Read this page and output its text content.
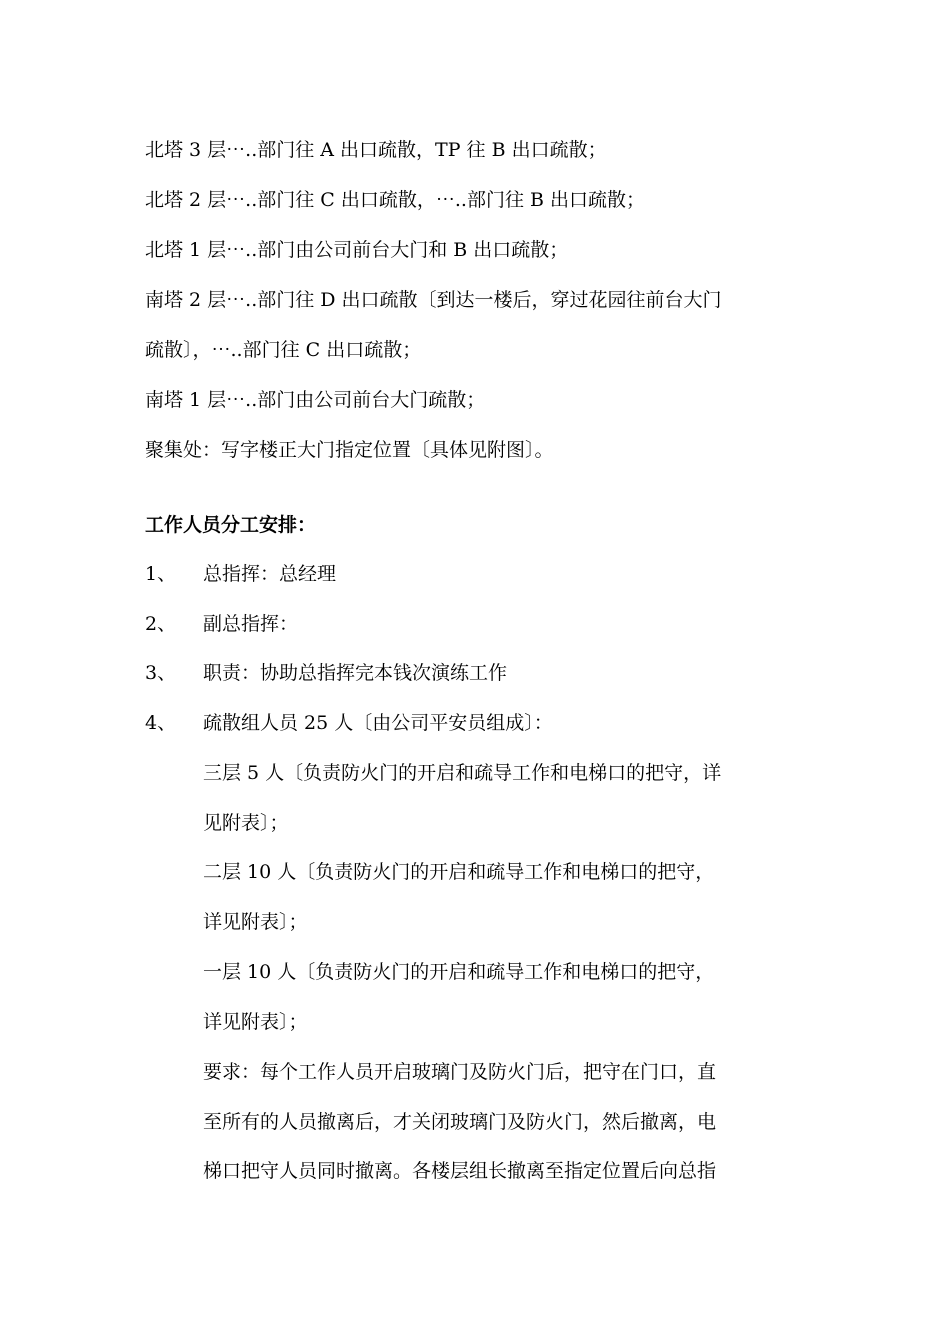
北塔 3 层⋯..部门往 A 出口疏散，TP 往 B 出口疏散；
北塔 2 层⋯..部门往 C 出口疏散，⋯..部门往 B 出口疏散；
北塔 1 层⋯..部门由公司前台大门和 B 出口疏散；
南塔 2 层⋯..部门往 D 出口疏散〔到达一楼后，穿过花园往前台大门
疏散〕，⋯..部门往 C 出口疏散；
南塔 1 层⋯..部门由公司前台大门疏散；
聚集处：写字楼正大门指定位置〔具体见附图〕。
工作人员分工安排：
1、 总指挥：总经理
2、 副总指挥：
3、 职责：协助总指挥完本钱次演练工作
4、 疏散组人员 25 人〔由公司平安员组成〕：
三层 5 人〔负责防火门的开启和疏导工作和电梯口的把守，详
见附表〕；
二层 10 人〔负责防火门的开启和疏导工作和电梯口的把守，
详见附表〕；
一层 10 人〔负责防火门的开启和疏导工作和电梯口的把守，
详见附表〕；
要求：每个工作人员开启玻璃门及防火门后，把守在门口，直
至所有的人员撤离后，才关闭玻璃门及防火门，然后撤离，电
梯口把守人员同时撤离。各楼层组长撤离至指定位置后向总指
